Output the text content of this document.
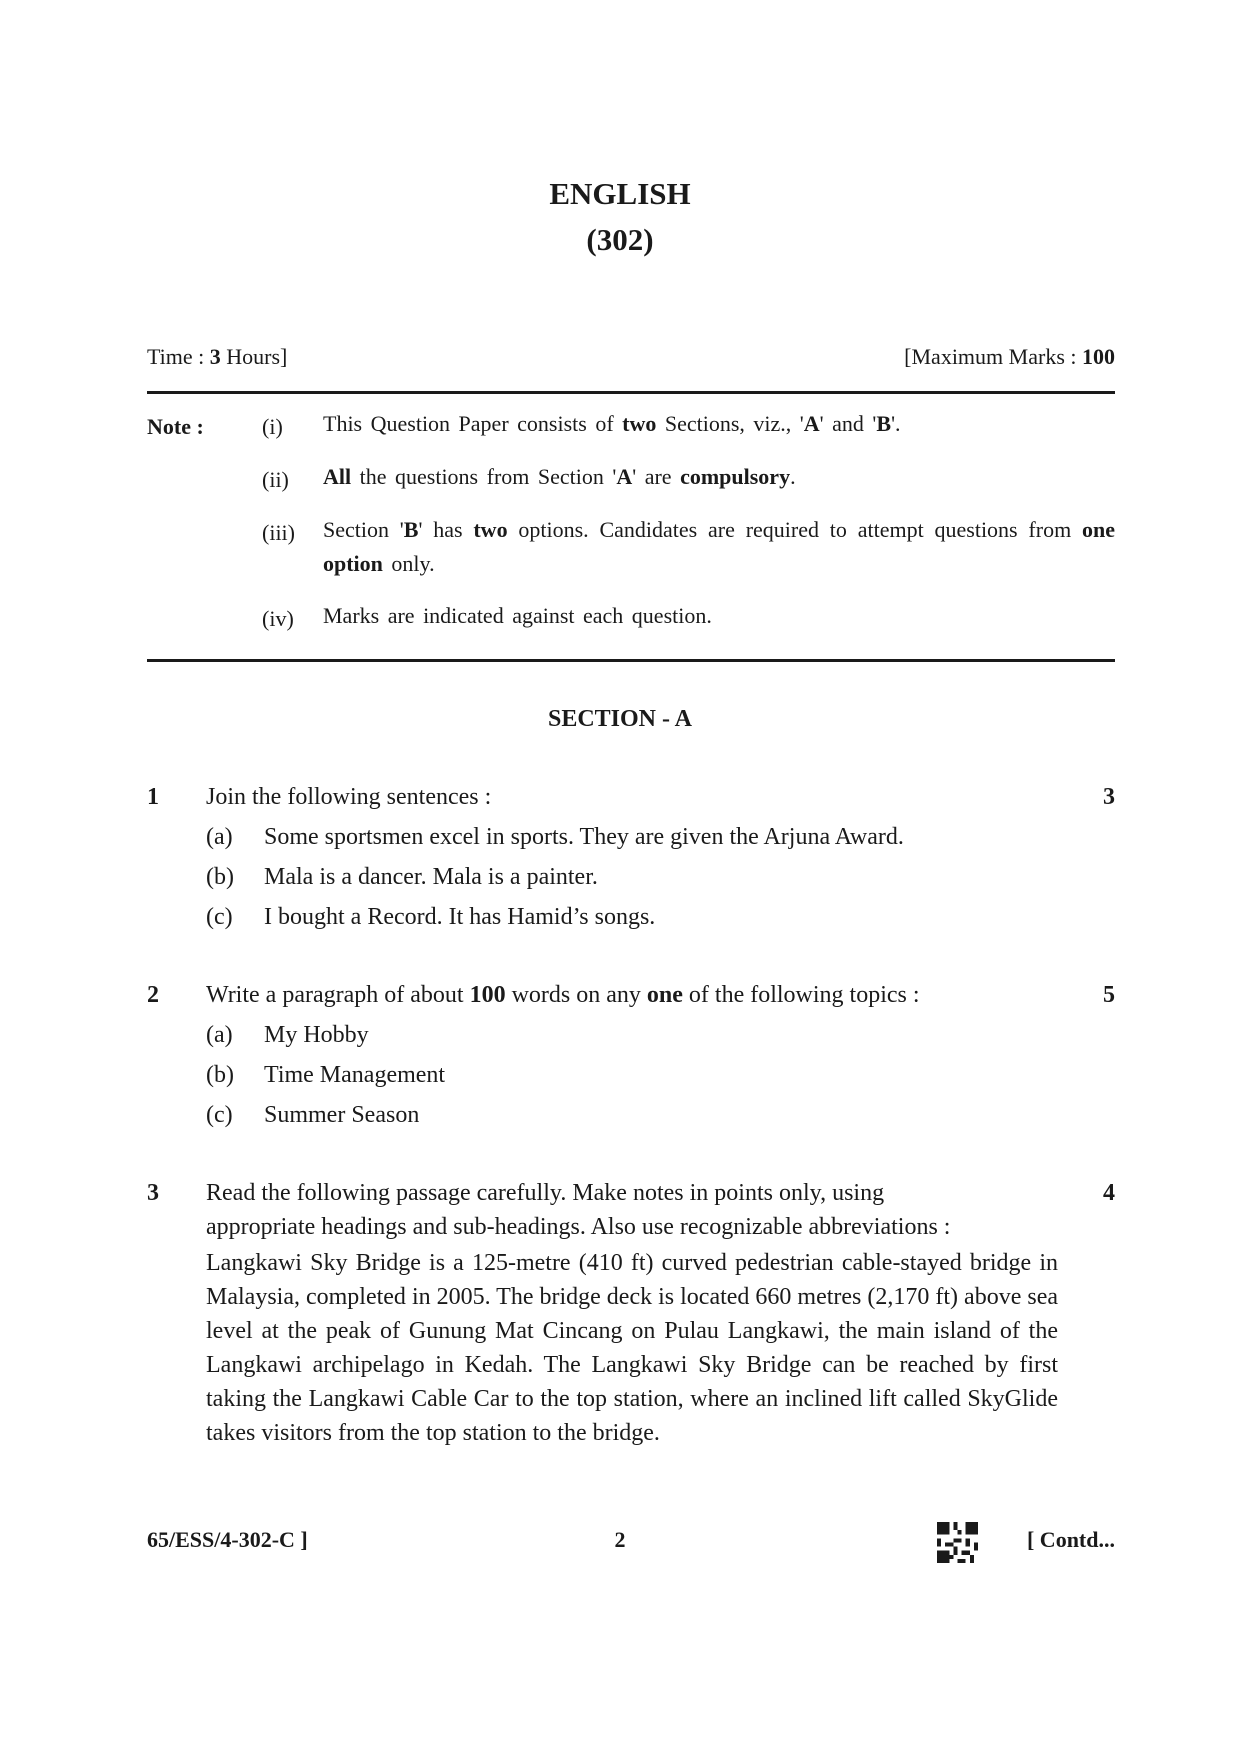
ENGLISH
(302)
Time : 3 Hours]	[Maximum Marks : 100
Note :	(i) This Question Paper consists of two Sections, viz., 'A' and 'B'.
(ii) All the questions from Section 'A' are compulsory.
(iii) Section 'B' has two options. Candidates are required to attempt questions from one option only.
(iv) Marks are indicated against each question.
SECTION - A
1 Join the following sentences :	3
(a) Some sportsmen excel in sports. They are given the Arjuna Award.
(b) Mala is a dancer. Mala is a painter.
(c) I bought a Record. It has Hamid’s songs.
2 Write a paragraph of about 100 words on any one of the following topics :	5
(a) My Hobby
(b) Time Management
(c) Summer Season
3 Read the following passage carefully. Make notes in points only, using
appropriate headings and sub-headings. Also use recognizable abbreviations :
4
Langkawi Sky Bridge is a 125-metre (410 ft) curved pedestrian cable-stayed bridge in Malaysia, completed in 2005. The bridge deck is located 660 metres (2,170 ft) above sea level at the peak of Gunung Mat Cincang on Pulau Langkawi, the main island of the Langkawi archipelago in Kedah. The Langkawi Sky Bridge can be reached by first taking the Langkawi Cable Car to the top station, where an inclined lift called SkyGlide takes visitors from the top station to the bridge.
65/ESS/4-302-C ]	2	[ Contd...
